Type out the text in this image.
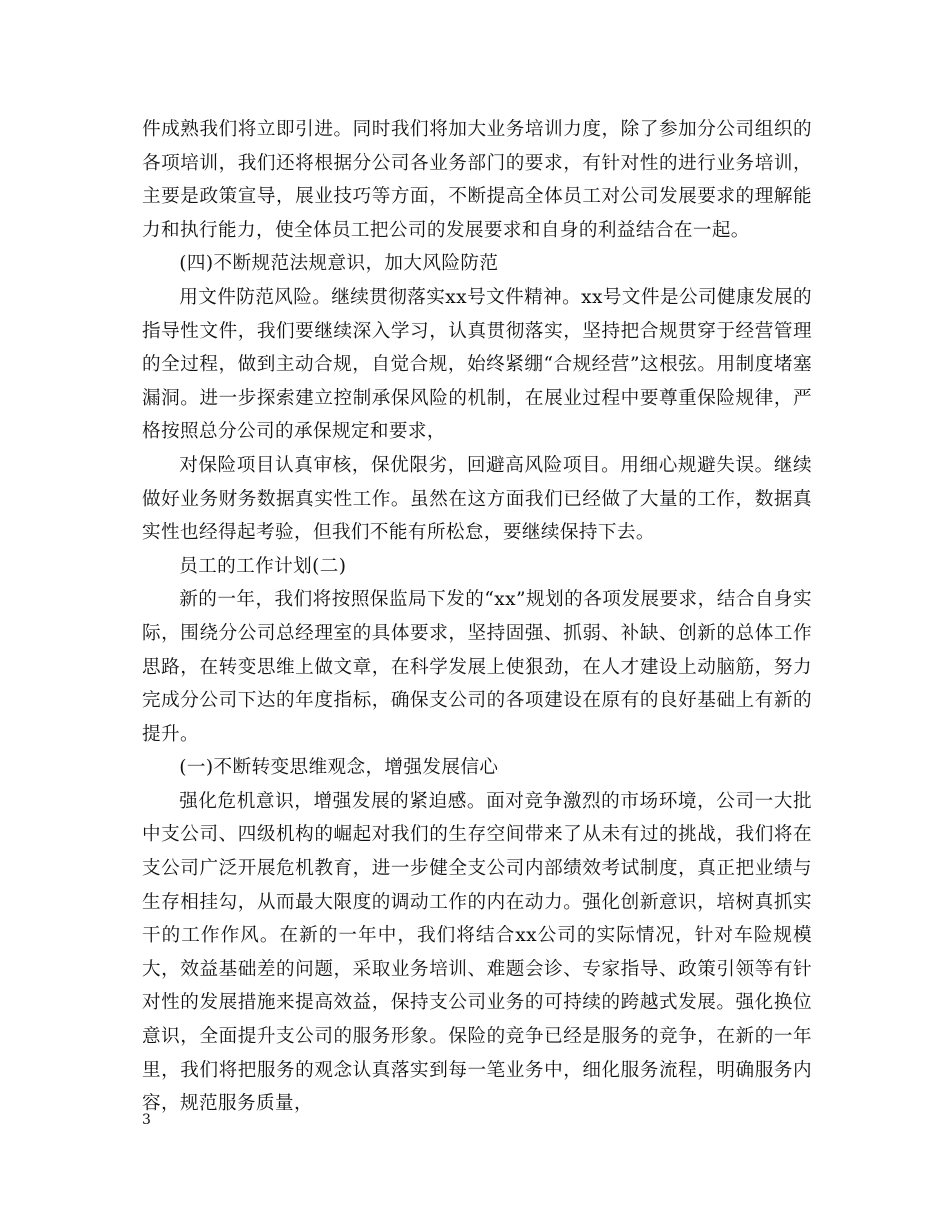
件成熟我们将立即引进。同时我们将加大业务培训力度，除了参加分公司组织的各项培训，我们还将根据分公司各业务部门的要求，有针对性的进行业务培训，主要是政策宣导，展业技巧等方面，不断提高全体员工对公司发展要求的理解能力和执行能力，使全体员工把公司的发展要求和自身的利益结合在一起。

(四)不断规范法规意识，加大风险防范

用文件防范风险。继续贯彻落实xx号文件精神。xx号文件是公司健康发展的指导性文件，我们要继续深入学习，认真贯彻落实，坚持把合规贯穿于经营管理的全过程，做到主动合规，自觉合规，始终紧绷“合规经营”这根弦。用制度堵塞漏洞。进一步探索建立控制承保风险的机制，在展业过程中要尊重保险规律，严格按照总分公司的承保规定和要求，

对保险项目认真审核，保优限劣，回避高风险项目。用细心规避失误。继续做好业务财务数据真实性工作。虽然在这方面我们已经做了大量的工作，数据真实性也经得起考验，但我们不能有所松怠，要继续保持下去。

员工的工作计划(二)

新的一年，我们将按照保监局下发的“xx”规划的各项发展要求，结合自身实际，围绕分公司总经理室的具体要求，坚持固强、抓弱、补缺、创新的总体工作思路，在转变思维上做文章，在科学发展上使狠劲，在人才建设上动脑筋，努力完成分公司下达的年度指标，确保支公司的各项建设在原有的良好基础上有新的提升。

(一)不断转变思维观念，增强发展信心

强化危机意识，增强发展的紧迫感。面对竞争激烈的市场环境，公司一大批中支公司、四级机构的崛起对我们的生存空间带来了从未有过的挑战，我们将在支公司广泛开展危机教育，进一步健全支公司内部绩效考试制度，真正把业绩与生存相挂勾，从而最大限度的调动工作的内在动力。强化创新意识，培树真抓实干的工作作风。在新的一年中，我们将结合xx公司的实际情况，针对车险规模大，效益基础差的问题，采取业务培训、难题会诊、专家指导、政策引领等有针对性的发展措施来提高效益，保持支公司业务的可持续的跨越式发展。强化换位意识，全面提升支公司的服务形象。保险的竞争已经是服务的竞争，在新的一年里，我们将把服务的观念认真落实到每一笔业务中，细化服务流程，明确服务内容，规范服务质量，

3
